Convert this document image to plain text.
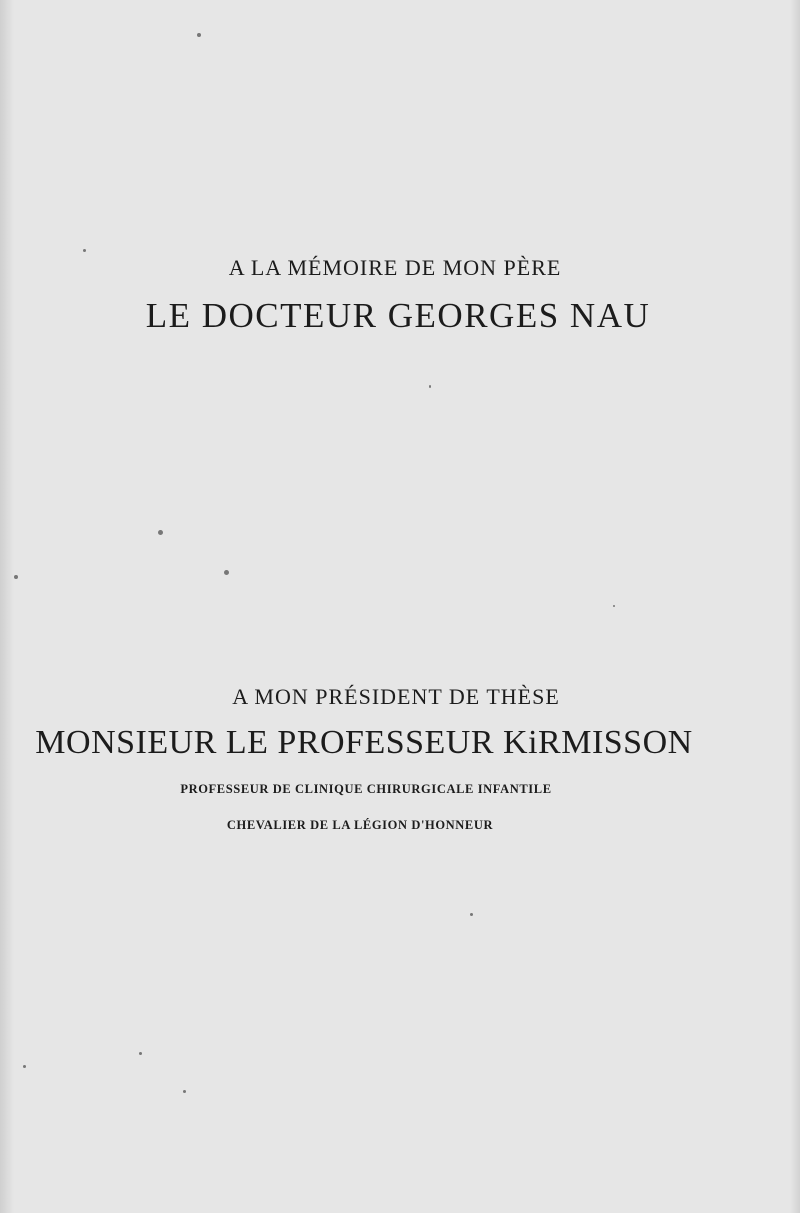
A LA MÉMOIRE DE MON PÈRE
LE DOCTEUR GEORGES NAU
A MON PRÉSIDENT DE THÈSE
MONSIEUR LE PROFESSEUR KiRMISSON
PROFESSEUR DE CLINIQUE CHIRURGICALE INFANTILE
CHEVALIER DE LA LÉGION D'HONNEUR
